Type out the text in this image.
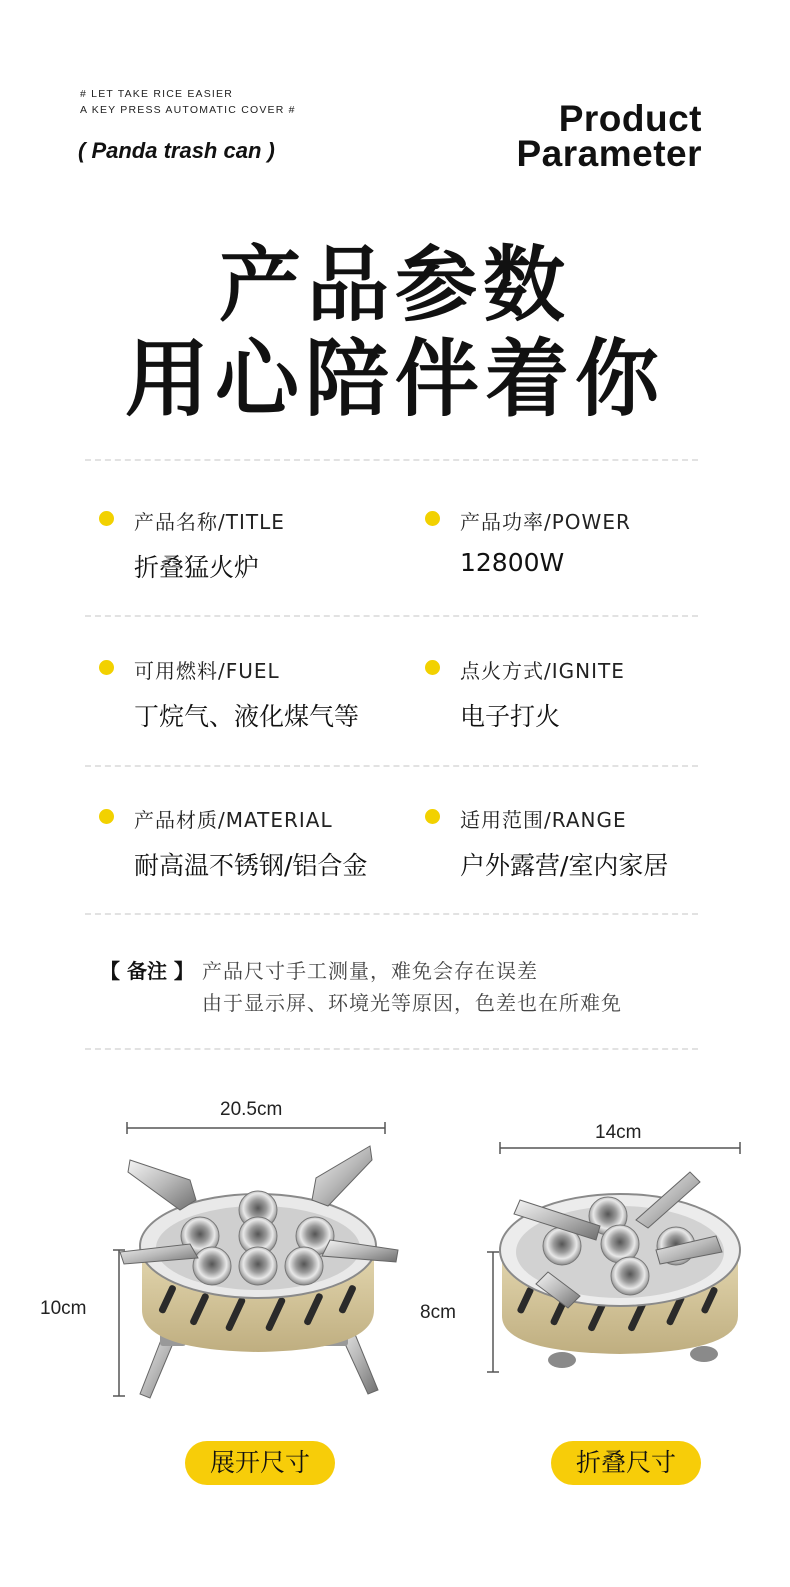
# LET TAKE RICE EASIER
A KEY PRESS AUTOMATIC COVER #
( Panda trash can )
Product
Parameter
产品参数
用心陪伴着你
产品名称/TITLE
折叠猛火炉
产品功率/POWER
12800W
可用燃料/FUEL
丁烷气、液化煤气等
点火方式/IGNITE
电子打火
产品材质/MATERIAL
耐高温不锈钢/铝合金
适用范围/RANGE
户外露营/室内家居
【 备注 】 产品尺寸手工测量，难免会存在误差
由于显示屏、环境光等原因，色差也在所难免
20.5cm
10cm
14cm
8cm
展开尺寸	折叠尺寸
